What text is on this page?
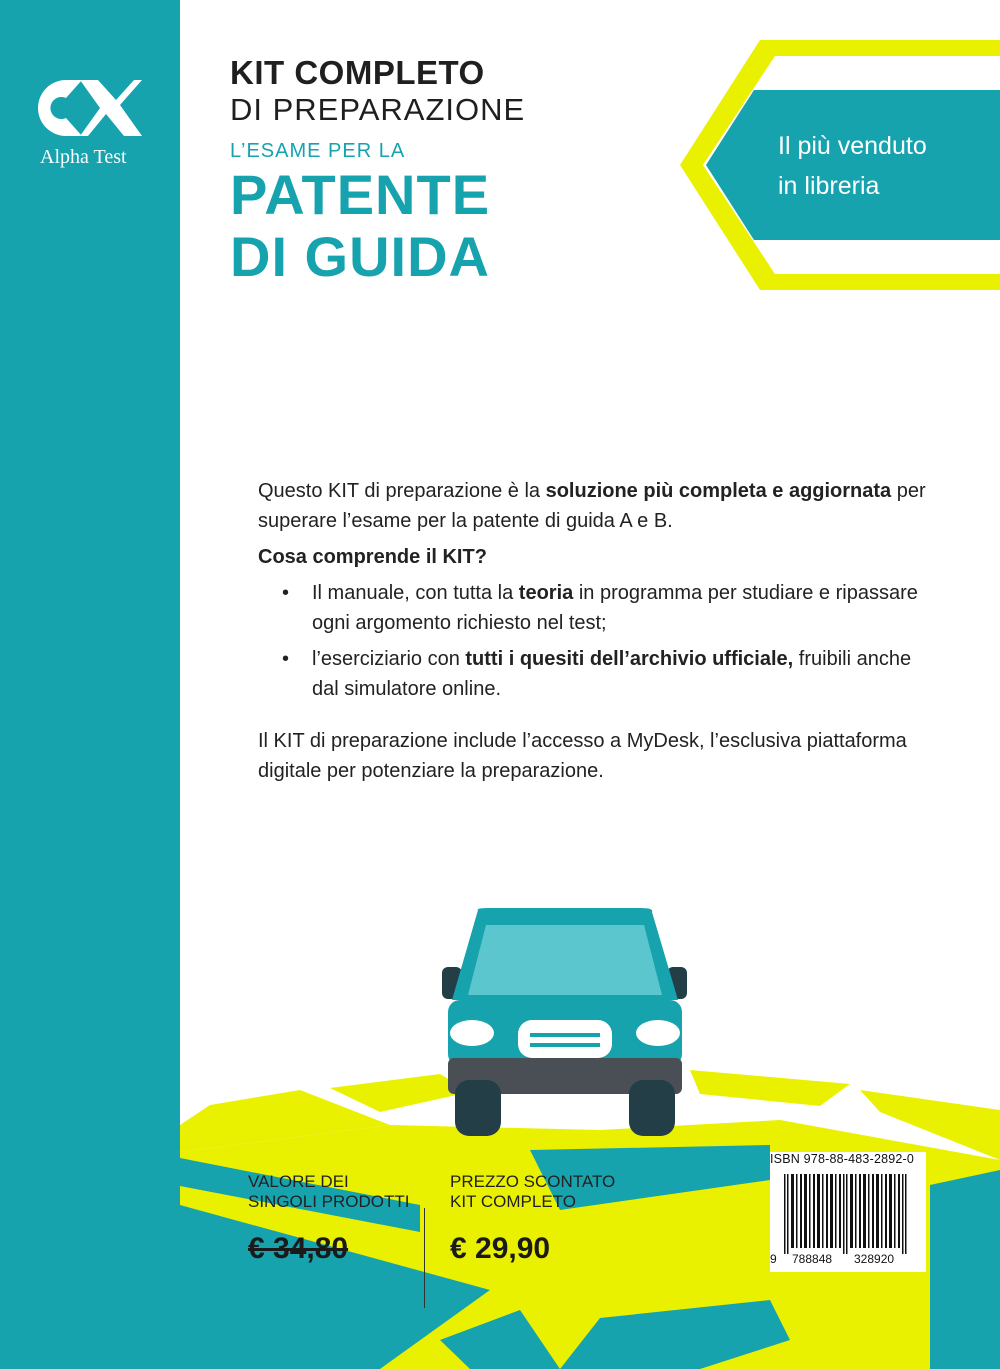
Alpha Test
KIT COMPLETO
DI PREPARAZIONE
L’ESAME PER LA
PATENTE
DI GUIDA
Il più venduto
in libreria

Questo KIT di preparazione è la soluzione più completa e aggiornata per superare l’esame per la patente di guida A e B.

Cosa comprende il KIT?

• Il manuale, con tutta la teoria in programma per studiare e ripassare ogni argomento richiesto nel test;
• l’eserciziario con tutti i quesiti dell’archivio ufficiale, fruibili anche dal simulatore online.

Il KIT di preparazione include l’accesso a MyDesk, l’esclusiva piattaforma digitale per potenziare la preparazione.

VALORE DEI
SINGOLI PRODOTTI
€ 34,80
PREZZO SCONTATO
KIT COMPLETO
€ 29,90
ISBN 978-88-483-2892-0
9 788848 328920
